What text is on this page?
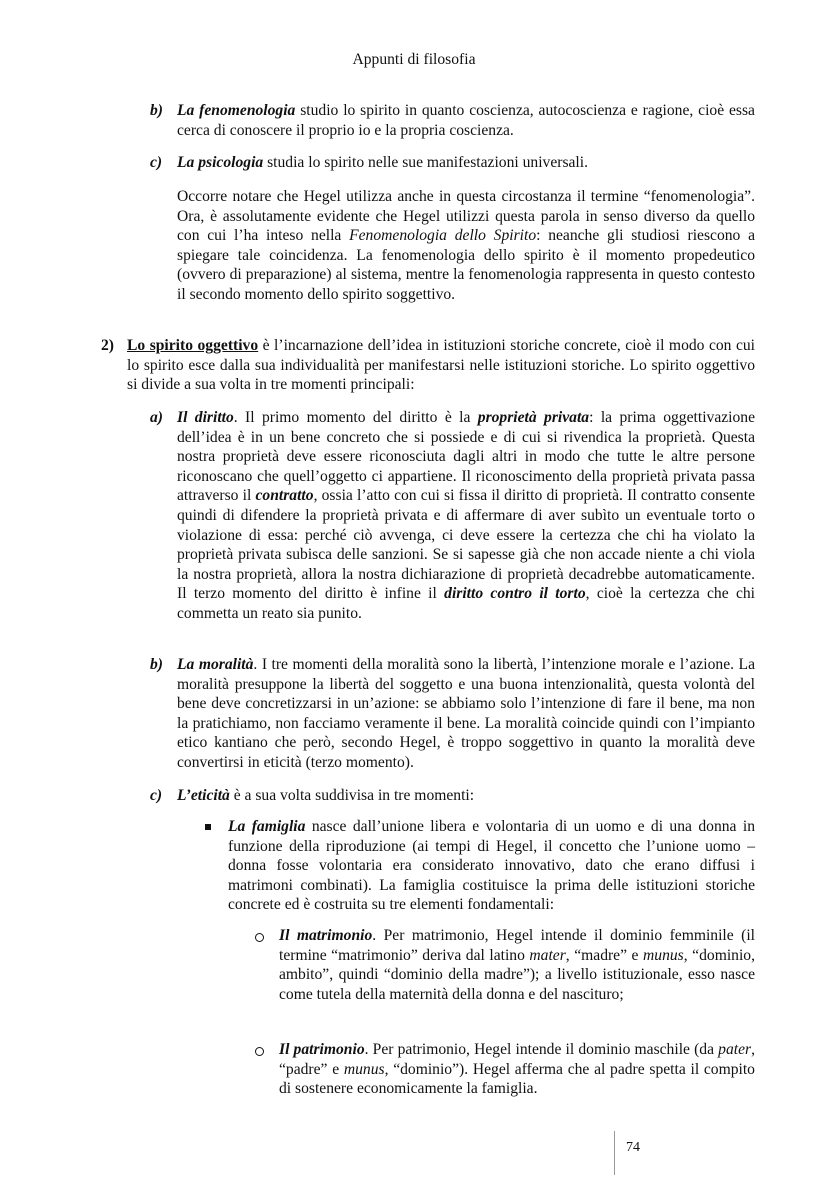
Appunti di filosofia
b) La fenomenologia studio lo spirito in quanto coscienza, autocoscienza e ragione, cioè essa cerca di conoscere il proprio io e la propria coscienza.

c) La psicologia studia lo spirito nelle sue manifestazioni universali.

Occorre notare che Hegel utilizza anche in questa circostanza il termine “fenomenologia”. Ora, è assolutamente evidente che Hegel utilizzi questa parola in senso diverso da quello con cui l’ha inteso nella Fenomenologia dello Spirito: neanche gli studiosi riescono a spiegare tale coincidenza. La fenomenologia dello spirito è il momento propedeutico (ovvero di preparazione) al sistema, mentre la fenomenologia rappresenta in questo contesto il secondo momento dello spirito soggettivo.

2) Lo spirito oggettivo è l’incarnazione dell’idea in istituzioni storiche concrete, cioè il modo con cui lo spirito esce dalla sua individualità per manifestarsi nelle istituzioni storiche. Lo spirito oggettivo si divide a sua volta in tre momenti principali:

a) Il diritto. Il primo momento del diritto è la proprietà privata: la prima oggettivazione dell’idea è in un bene concreto che si possiede e di cui si rivendica la proprietà. Questa nostra proprietà deve essere riconosciuta dagli altri in modo che tutte le altre persone riconoscano che quell’oggetto ci appartiene. Il riconoscimento della proprietà privata passa attraverso il contratto, ossia l’atto con cui si fissa il diritto di proprietà. Il contratto consente quindi di difendere la proprietà privata e di affermare di aver subìto un eventuale torto o violazione di essa: perché ciò avvenga, ci deve essere la certezza che chi ha violato la proprietà privata subisca delle sanzioni. Se si sapesse già che non accade niente a chi viola la nostra proprietà, allora la nostra dichiarazione di proprietà decadrebbe automaticamente. Il terzo momento del diritto è infine il diritto contro il torto, cioè la certezza che chi commetta un reato sia punito.

b) La moralità. I tre momenti della moralità sono la libertà, l’intenzione morale e l’azione. La moralità presuppone la libertà del soggetto e una buona intenzionalità, questa volontà del bene deve concretizzarsi in un’azione: se abbiamo solo l’intenzione di fare il bene, ma non la pratichiamo, non facciamo veramente il bene. La moralità coincide quindi con l’impianto etico kantiano che però, secondo Hegel, è troppo soggettivo in quanto la moralità deve convertirsi in eticità (terzo momento).

c) L’eticità è a sua volta suddivisa in tre momenti:

La famiglia nasce dall’unione libera e volontaria di un uomo e di una donna in funzione della riproduzione (ai tempi di Hegel, il concetto che l’unione uomo – donna fosse volontaria era considerato innovativo, dato che erano diffusi i matrimoni combinati). La famiglia costituisce la prima delle istituzioni storiche concrete ed è costruita su tre elementi fondamentali:

Il matrimonio. Per matrimonio, Hegel intende il dominio femminile (il termine “matrimonio” deriva dal latino mater, “madre” e munus, “dominio, ambito”, quindi “dominio della madre”); a livello istituzionale, esso nasce come tutela della maternità della donna e del nascituro;

Il patrimonio. Per patrimonio, Hegel intende il dominio maschile (da pater, “padre” e munus, “dominio”). Hegel afferma che al padre spetta il compito di sostenere economicamente la famiglia.

74
